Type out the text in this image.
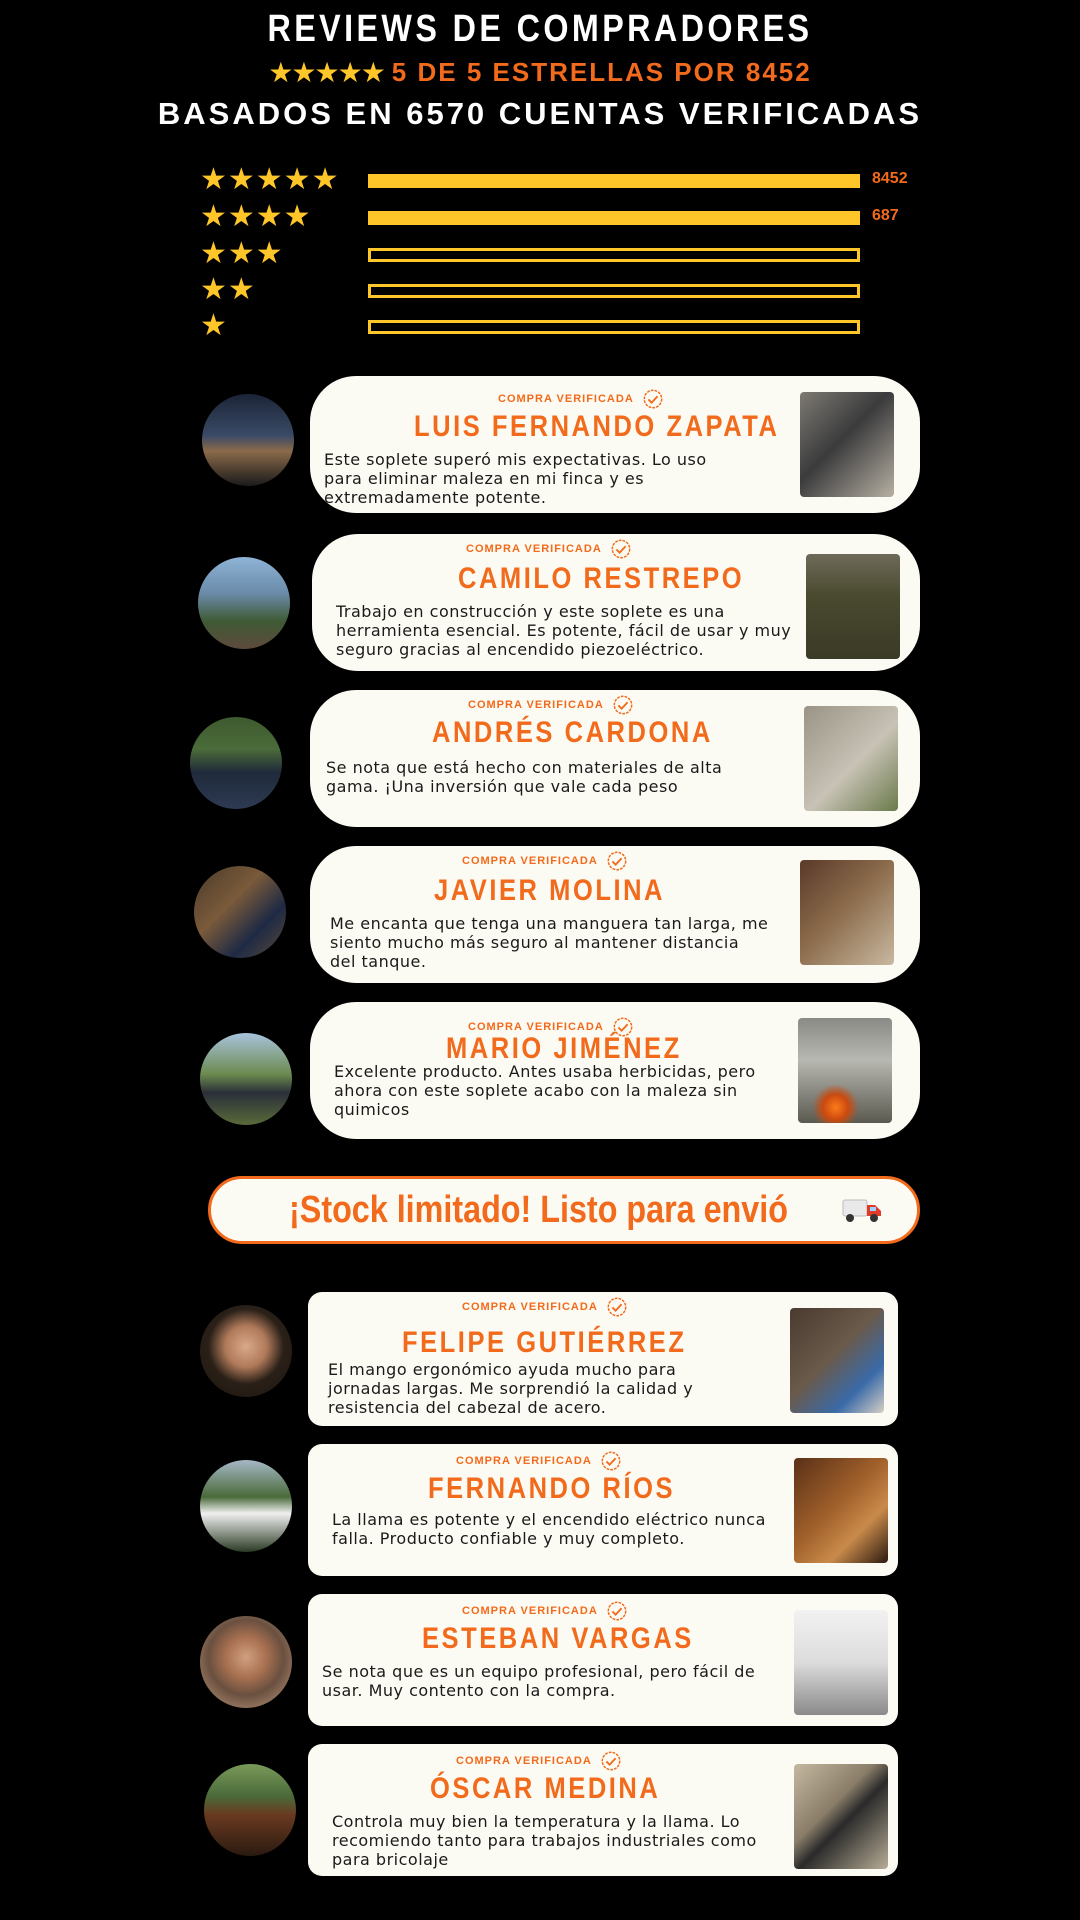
REVIEWS DE COMPRADORES
★★★★★ 5 DE 5 ESTRELLAS POR 8452
BASADOS EN 6570 CUENTAS VERIFICADAS
★★★★★	8452
★★★★	687
★★★
★★
★
COMPRA VERIFICADA
LUIS FERNANDO ZAPATA
Este soplete superó mis expectativas. Lo uso para eliminar maleza en mi finca y es extremadamente potente.
COMPRA VERIFICADA
CAMILO RESTREPO
Trabajo en construcción y este soplete es una herramienta esencial. Es potente, fácil de usar y muy seguro gracias al encendido piezoeléctrico.
COMPRA VERIFICADA
ANDRÉS CARDONA
Se nota que está hecho con materiales de alta gama. ¡Una inversión que vale cada peso
COMPRA VERIFICADA
JAVIER MOLINA
Me encanta que tenga una manguera tan larga, me siento mucho más seguro al mantener distancia del tanque.
COMPRA VERIFICADA
MARIO JIMÉNEZ
Excelente producto. Antes usaba herbicidas, pero ahora con este soplete acabo con la maleza sin quimicos
¡Stock limitado! Listo para envió
COMPRA VERIFICADA
FELIPE GUTIÉRREZ
El mango ergonómico ayuda mucho para jornadas largas. Me sorprendió la calidad y resistencia del cabezal de acero.
COMPRA VERIFICADA
FERNANDO RÍOS
La llama es potente y el encendido eléctrico nunca falla. Producto confiable y muy completo.
COMPRA VERIFICADA
ESTEBAN VARGAS
Se nota que es un equipo profesional, pero fácil de usar. Muy contento con la compra.
COMPRA VERIFICADA
ÓSCAR MEDINA
Controla muy bien la temperatura y la llama. Lo recomiendo tanto para trabajos industriales como para bricolaje
